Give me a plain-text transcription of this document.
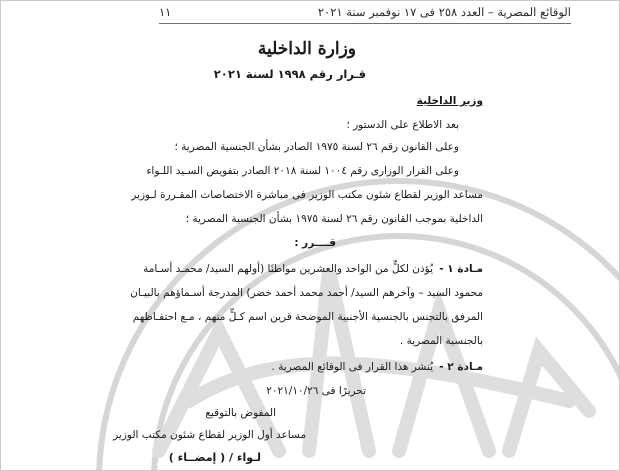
الوقائع المصرية – العدد ٢٥٨ فى ١٧ نوفمبر سنة ٢٠٢١
١١
وزارة الداخلية
قـرار رقم ١٩٩٨ لسنة ٢٠٢١
وزير الداخلية
بعد الاطلاع على الدستور ؛
وعلى القانون رقم ٢٦ لسنة ١٩٧٥ الصادر بشأن الجنسية المصرية ؛
وعلى القرار الوزارى رقم ١٠٠٤ لسنة ٢٠١٨ الصادر بتفويض السـيد اللـواء
مساعد الوزير لقطاع شئون مكتب الوزير فى مباشرة الاختصاصات المقـررة لـوزير
الداخلية بموجب القانون رقم ٢٦ لسنة ١٩٧٥ بشأن الجنسية المصرية ؛
قــــرر :
مـادة ١ -
يُؤذن لكلٍّ من الواحد والعشرين مواطنًا (أولهم السيد/ محمـد أسـامة
محمود السيد – وآخرهم السيد/ أحمد محمد أحمد خضر) المدرجة أسـماؤهم بالبيـان
المرفق بالتجنس بالجنسية الأجنبية الموضحة قرين اسم كـلٍّ منهم ، مـع احتفـاظهم
بالجنسية المصرية .
مـادة ٢ -
يُنشر هذا القرار فى الوقائع المصرية .
تحريرًا فى ٢٠٢١/١٠/٢٦
المفوض بالتوقيع
مساعد أول الوزير لقطاع شئون مكتب الوزير
لـواء / ( إمضــاء )
